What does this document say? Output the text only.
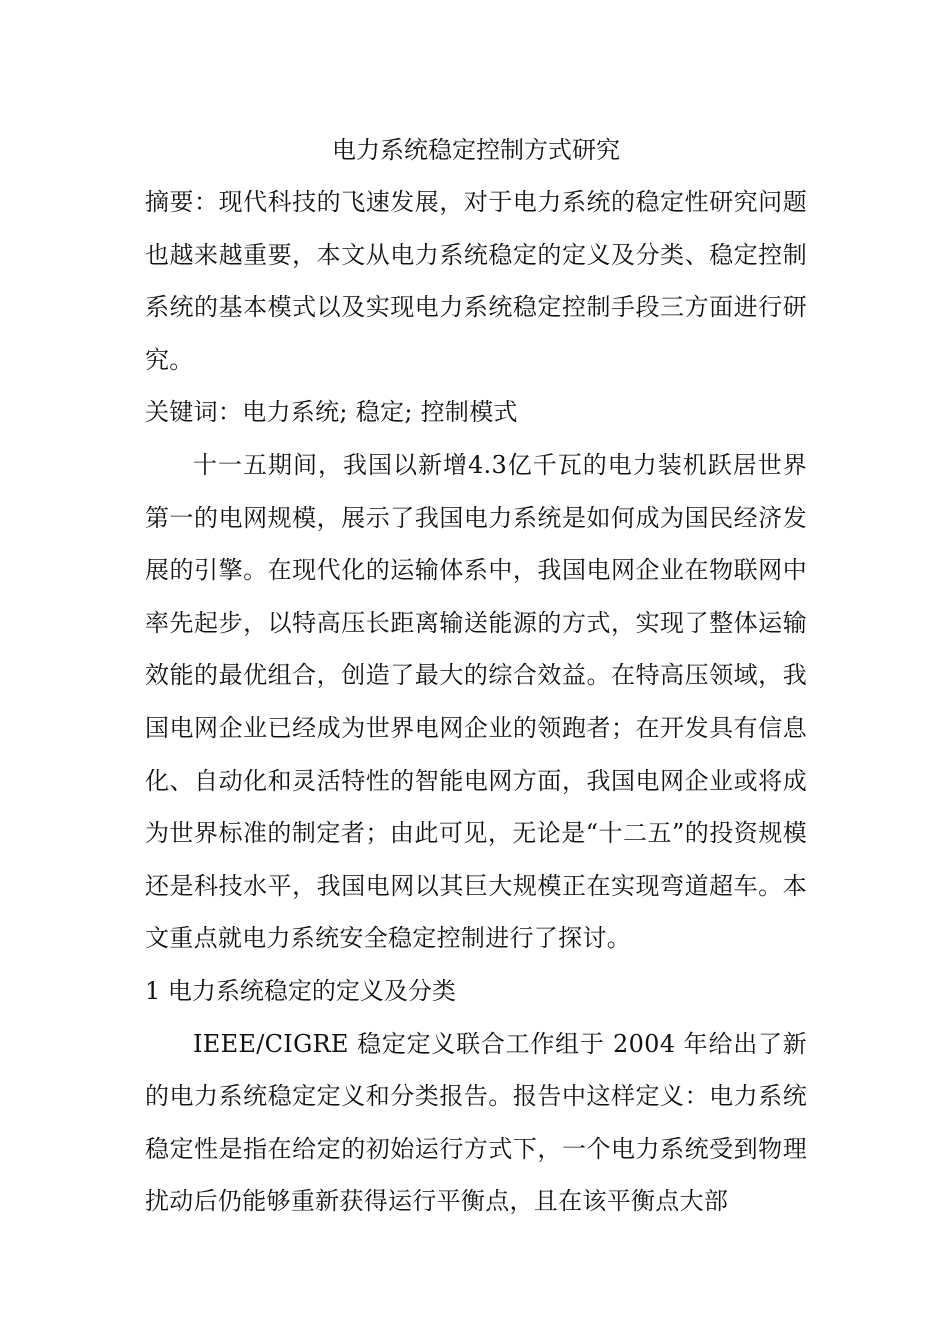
电力系统稳定控制方式研究

摘要：现代科技的飞速发展，对于电力系统的稳定性研究问题也越来越重要，本文从电力系统稳定的定义及分类、稳定控制系统的基本模式以及实现电力系统稳定控制手段三方面进行研究。

关键词：电力系统; 稳定; 控制模式

十一五期间，我国以新增4.3亿千瓦的电力装机跃居世界第一的电网规模，展示了我国电力系统是如何成为国民经济发展的引擎。在现代化的运输体系中，我国电网企业在物联网中率先起步，以特高压长距离输送能源的方式，实现了整体运输效能的最优组合，创造了最大的综合效益。在特高压领域，我国电网企业已经成为世界电网企业的领跑者；在开发具有信息化、自动化和灵活特性的智能电网方面，我国电网企业或将成为世界标准的制定者；由此可见，无论是“十二五”的投资规模还是科技水平，我国电网以其巨大规模正在实现弯道超车。本文重点就电力系统安全稳定控制进行了探讨。

1 电力系统稳定的定义及分类

IEEE/CIGRE 稳定定义联合工作组于 2004 年给出了新的电力系统稳定定义和分类报告。报告中这样定义：电力系统稳定性是指在给定的初始运行方式下，一个电力系统受到物理扰动后仍能够重新获得运行平衡点，且在该平衡点大部
